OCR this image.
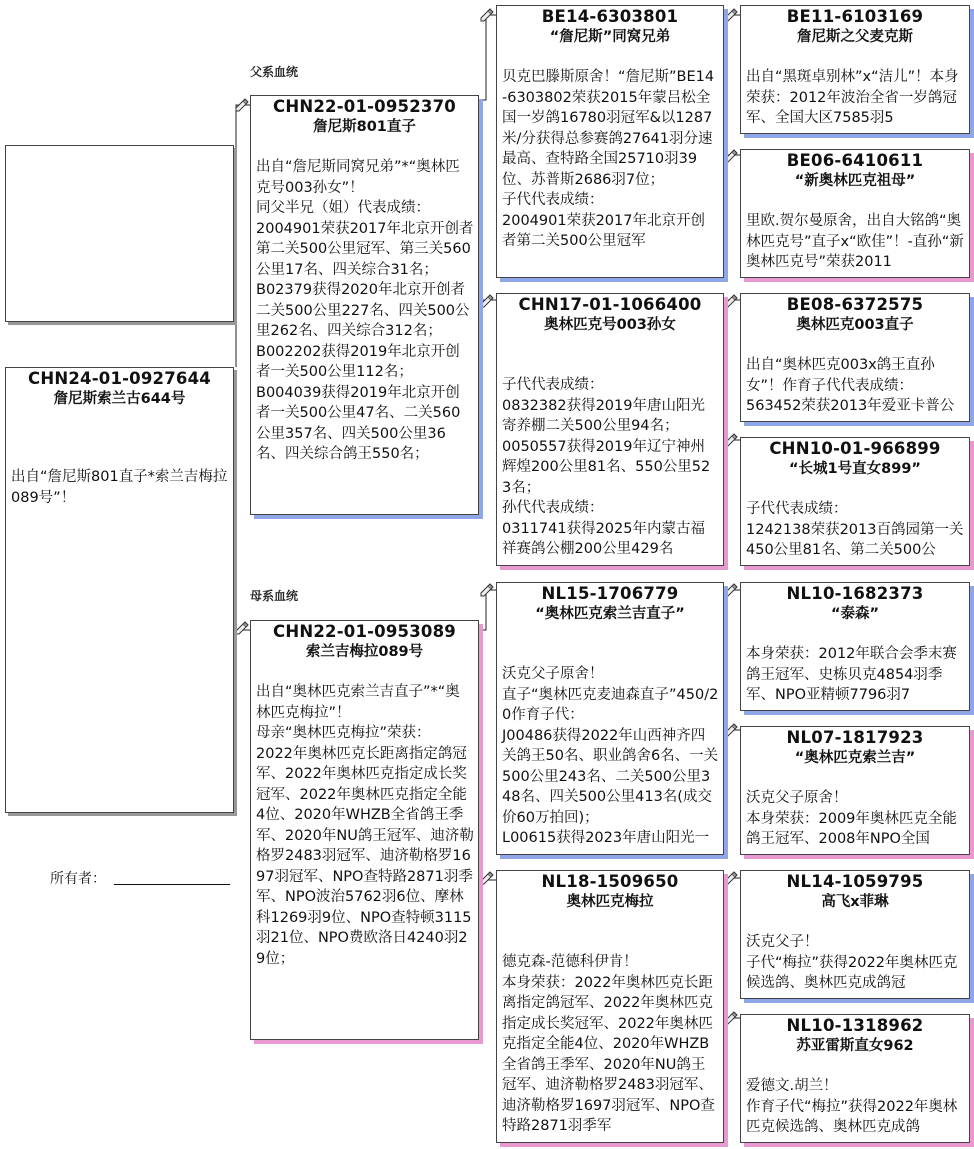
父系血统
母系血统
CHN24-01-0927644
詹尼斯索兰古644号
出自“詹尼斯801直子*索兰吉梅拉089号”！
所有者：
CHN22-01-0952370
詹尼斯801直子
出自“詹尼斯同窝兄弟”*“奥林匹克号003孙女”！
同父半兄（姐）代表成绩：
2004901荣获2017年北京开创者第二关500公里冠军、第三关560公里17名、四关综合31名；
B02379获得2020年北京开创者二关500公里227名、四关500公里262名、四关综合312名；
B002202获得2019年北京开创者一关500公里112名；
B004039获得2019年北京开创者一关500公里47名、二关560公里357名、四关500公里36名、四关综合鸽王550名；
CHN22-01-0953089
索兰吉梅拉089号
出自“奥林匹克索兰吉直子”*“奥林匹克梅拉”！
母亲“奥林匹克梅拉”荣获：
2022年奥林匹克长距离指定鸽冠军、2022年奥林匹克指定成长奖冠军、2022年奥林匹克指定全能4位、2020年WHZB全省鸽王季军、2020年NU鸽王冠军、迪济勒格罗2483羽冠军、迪济勒格罗1697羽冠军、NPO查特路2871羽季军、NPO波治5762羽6位、摩林科1269羽9位、NPO查特顿3115羽21位、NPO费欧洛日4240羽29位；
BE14-6303801
“詹尼斯”同窝兄弟
贝克巴滕斯原舍！“詹尼斯”BE14-6303802荣获2015年蒙吕松全国一岁鸽16780羽冠军&以1287米/分获得总参赛鸽27641羽分速最高、查特路全国25710羽39位、苏普斯2686羽7位；
子代代表成绩：
2004901荣获2017年北京开创者第二关500公里冠军
CHN17-01-1066400
奥林匹克号003孙女
子代代表成绩：
0832382获得2019年唐山阳光寄养棚二关500公里94名；
0050557获得2019年辽宁神州辉煌200公里81名、550公里523名；
孙代代表成绩：
0311741获得2025年内蒙古福祥赛鸽公棚200公里429名
NL15-1706779
“奥林匹克索兰吉直子”
沃克父子原舍！
直子“奥林匹克麦迪森直子”450/20作育子代：
J00486获得2022年山西神齐四关鸽王50名、职业鸽舍6名、一关500公里243名、二关500公里348名、四关500公里413名(成交价60万拍回)；
L00615获得2023年唐山阳光一
NL18-1509650
奥林匹克梅拉
德克森-范德科伊肯！
本身荣获：2022年奥林匹克长距离指定鸽冠军、2022年奥林匹克指定成长奖冠军、2022年奥林匹克指定全能4位、2020年WHZB全省鸽王季军、2020年NU鸽王冠军、迪济勒格罗2483羽冠军、迪济勒格罗1697羽冠军、NPO查特路2871羽季军
BE11-6103169
詹尼斯之父麦克斯
出自“黑斑卓别林”x“洁儿”！本身荣获：2012年波治全省一岁鸽冠军、全国大区7585羽5
BE06-6410611
“新奥林匹克祖母”
里欧.贺尔曼原舍，出自大铭鸽“奥林匹克号”直子x“欧佳”！-直孙“新奥林匹克号”荣获2011
BE08-6372575
奥林匹克003直子
出自“奥林匹克003x鸽王直孙女”！作育子代代表成绩：
563452荣获2013年爱亚卡普公
CHN10-01-966899
“长城1号直女899”
子代代表成绩：
1242138荣获2013百鸽园第一关450公里81名、第二关500公
NL10-1682373
“泰森”
本身荣获：2012年联合会季末赛鸽王冠军、史栋贝克4854羽季军、NPO亚精顿7796羽7
NL07-1817923
“奥林匹克索兰吉”
沃克父子原舍！
本身荣获：2009年奥林匹克全能鸽王冠军、2008年NPO全国
NL14-1059795
高飞x菲琳
沃克父子！
子代“梅拉”获得2022年奥林匹克候选鸽、奥林匹克成鸽冠
NL10-1318962
苏亚雷斯直女962
爱德文.胡兰！
作育子代“梅拉”获得2022年奥林匹克候选鸽、奥林匹克成鸽
